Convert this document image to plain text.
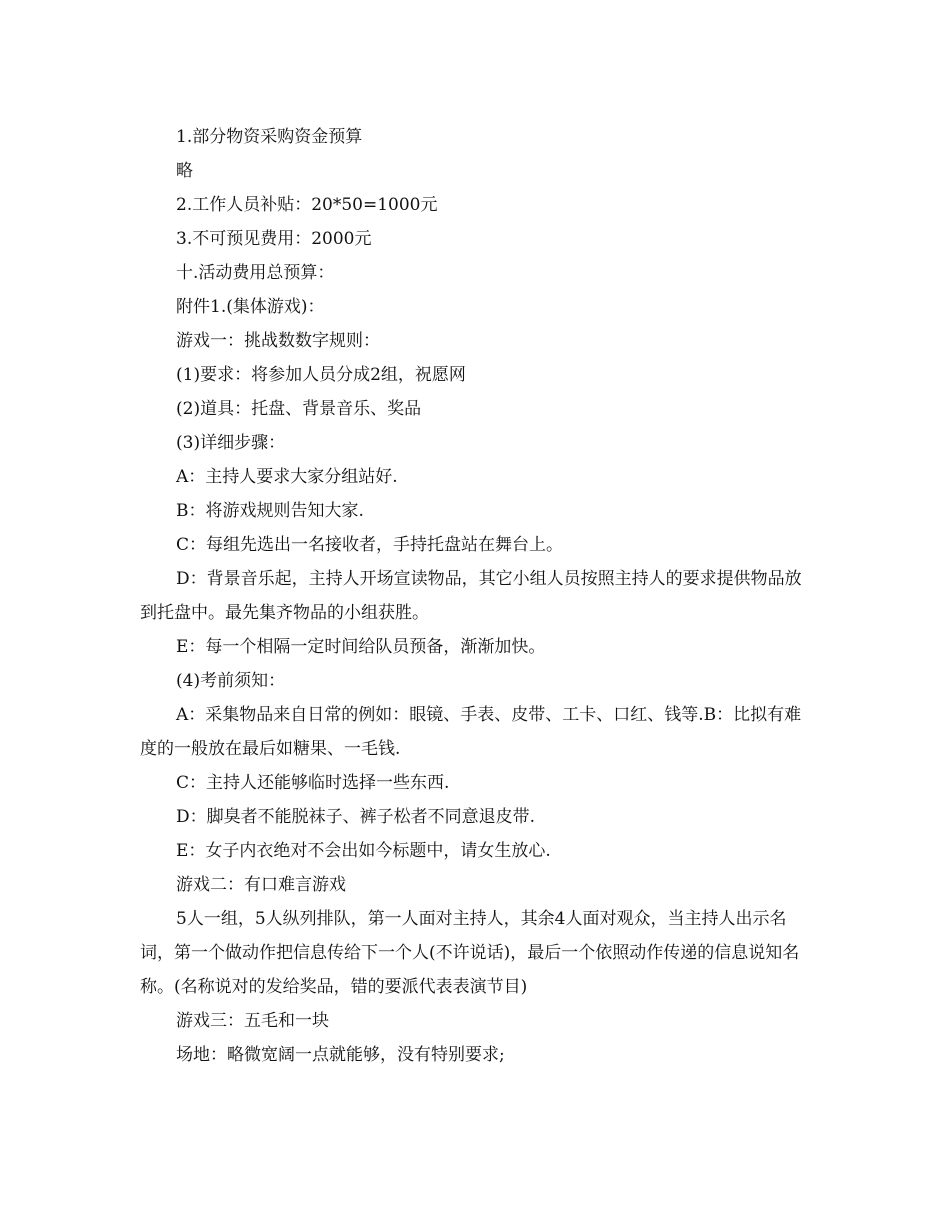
1.部分物资采购资金预算

略

2.工作人员补贴：20*50=1000元

3.不可预见费用：2000元

十.活动费用总预算：

附件1.(集体游戏)：

游戏一：挑战数数字规则：

(1)要求：将参加人员分成2组，祝愿网

(2)道具：托盘、背景音乐、奖品

(3)详细步骤：

A：主持人要求大家分组站好.

B：将游戏规则告知大家.

C：每组先选出一名接收者，手持托盘站在舞台上。

D：背景音乐起，主持人开场宣读物品，其它小组人员按照主持人的要求提供物品放到托盘中。最先集齐物品的小组获胜。

E：每一个相隔一定时间给队员预备，渐渐加快。

(4)考前须知：

A：采集物品来自日常的例如：眼镜、手表、皮带、工卡、口红、钱等.B：比拟有难度的一般放在最后如糖果、一毛钱.

C：主持人还能够临时选择一些东西.

D：脚臭者不能脱袜子、裤子松者不同意退皮带.

E：女子内衣绝对不会出如今标题中，请女生放心.

游戏二：有口难言游戏

5人一组，5人纵列排队，第一人面对主持人，其余4人面对观众，当主持人出示名词，第一个做动作把信息传给下一个人(不许说话)，最后一个依照动作传递的信息说知名称。(名称说对的发给奖品，错的要派代表表演节目)

游戏三：五毛和一块

场地：略微宽阔一点就能够，没有特别要求;
